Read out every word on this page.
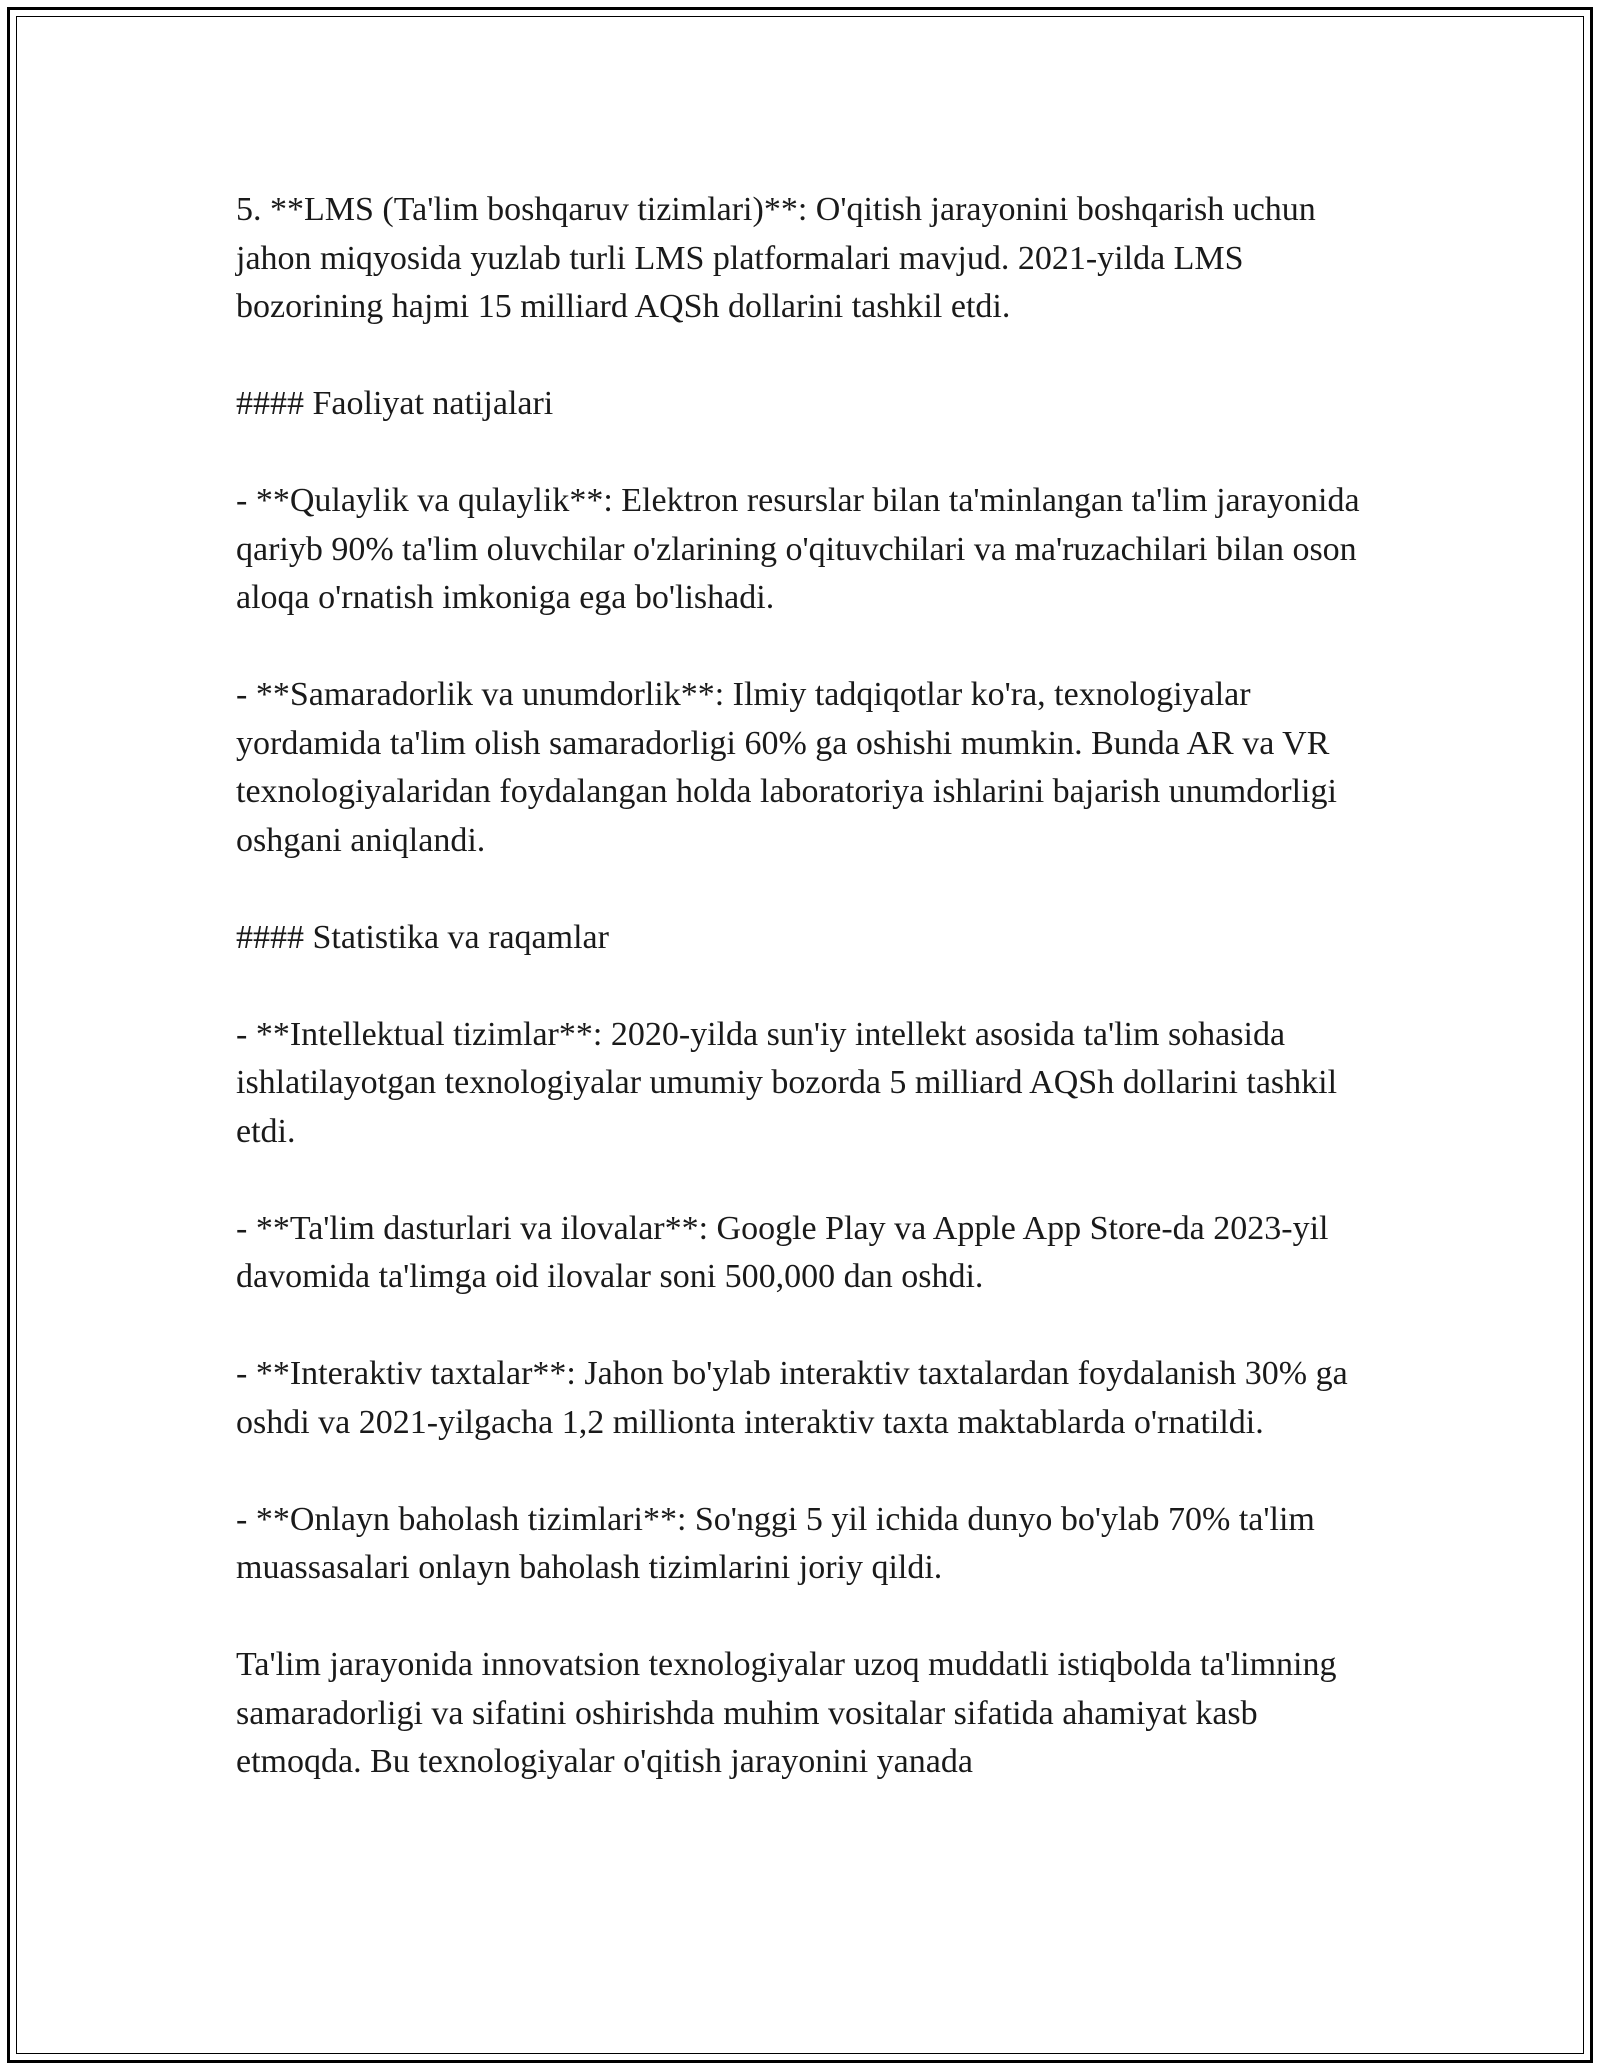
5. **LMS (Ta'lim boshqaruv tizimlari)**: O'qitish jarayonini boshqarish uchun jahon miqyosida yuzlab turli LMS platformalari mavjud. 2021-yilda LMS bozorining hajmi 15 milliard AQSh dollarini tashkil etdi.

#### Faoliyat natijalari

- **Qulaylik va qulaylik**: Elektron resurslar bilan ta'minlangan ta'lim jarayonida qariyb 90% ta'lim oluvchilar o'zlarining o'qituvchilari va ma'ruzachilari bilan oson aloqa o'rnatish imkoniga ega bo'lishadi.

- **Samaradorlik va unumdorlik**: Ilmiy tadqiqotlar ko'ra, texnologiyalar yordamida ta'lim olish samaradorligi 60% ga oshishi mumkin. Bunda AR va VR texnologiyalaridan foydalangan holda laboratoriya ishlarini bajarish unumdorligi oshgani aniqlandi.

#### Statistika va raqamlar

- **Intellektual tizimlar**: 2020-yilda sun'iy intellekt asosida ta'lim sohasida ishlatilayotgan texnologiyalar umumiy bozorda 5 milliard AQSh dollarini tashkil etdi.

- **Ta'lim dasturlari va ilovalar**: Google Play va Apple App Store-da 2023-yil davomida ta'limga oid ilovalar soni 500,000 dan oshdi.

- **Interaktiv taxtalar**: Jahon bo'ylab interaktiv taxtalardan foydalanish 30% ga oshdi va 2021-yilgacha 1,2 millionta interaktiv taxta maktablarda o'rnatildi.

- **Onlayn baholash tizimlari**: So'nggi 5 yil ichida dunyo bo'ylab 70% ta'lim muassasalari onlayn baholash tizimlarini joriy qildi.

Ta'lim jarayonida innovatsion texnologiyalar uzoq muddatli istiqbolda ta'limning samaradorligi va sifatini oshirishda muhim vositalar sifatida ahamiyat kasb etmoqda. Bu texnologiyalar o'qitish jarayonini yanada
